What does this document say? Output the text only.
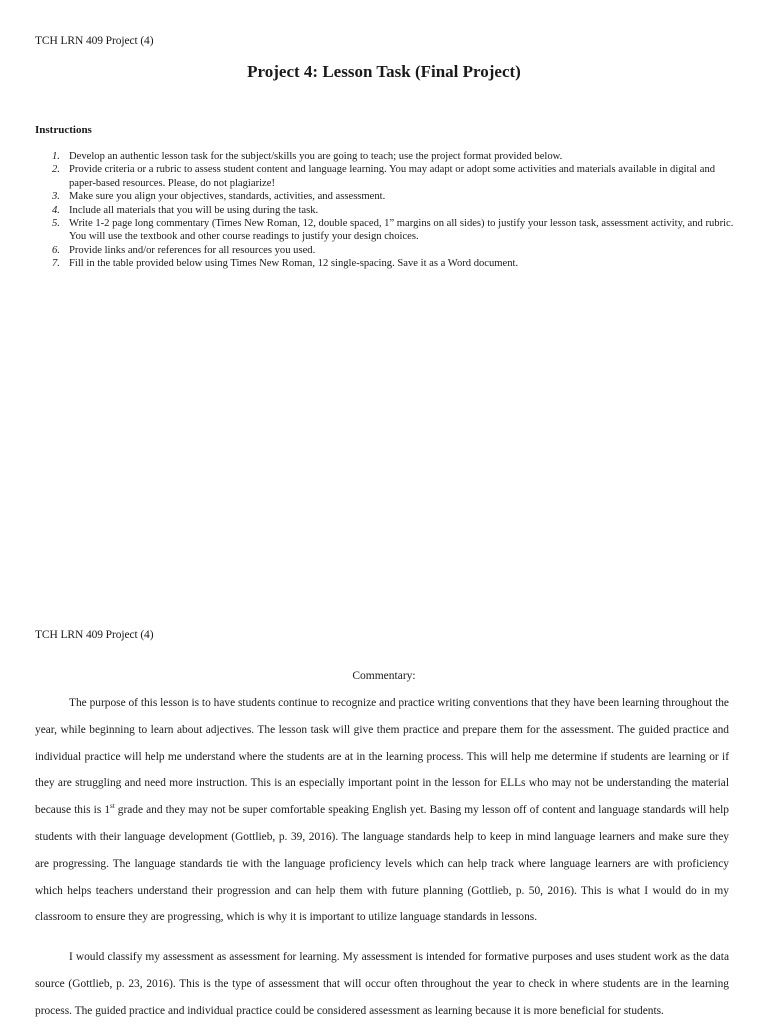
TCH LRN 409 Project (4)
Project 4: Lesson Task (Final Project)
Instructions
1. Develop an authentic lesson task for the subject/skills you are going to teach; use the project format provided below.
2. Provide criteria or a rubric to assess student content and language learning. You may adapt or adopt some activities and materials available in digital and paper-based resources. Please, do not plagiarize!
3. Make sure you align your objectives, standards, activities, and assessment.
4. Include all materials that you will be using during the task.
5. Write 1-2 page long commentary (Times New Roman, 12, double spaced, 1” margins on all sides) to justify your lesson task, assessment activity, and rubric. You will use the textbook and other course readings to justify your design choices.
6. Provide links and/or references for all resources you used.
7. Fill in the table provided below using Times New Roman, 12 single-spacing. Save it as a Word document.
TCH LRN 409 Project (4)
Commentary:

The purpose of this lesson is to have students continue to recognize and practice writing conventions that they have been learning throughout the year, while beginning to learn about adjectives. The lesson task will give them practice and prepare them for the assessment. The guided practice and individual practice will help me understand where the students are at in the learning process. This will help me determine if students are learning or if they are struggling and need more instruction. This is an especially important point in the lesson for ELLs who may not be understanding the material because this is 1st grade and they may not be super comfortable speaking English yet. Basing my lesson off of content and language standards will help students with their language development (Gottlieb, p. 39, 2016). The language standards help to keep in mind language learners and make sure they are progressing. The language standards tie with the language proficiency levels which can help track where language learners are with proficiency which helps teachers understand their progression and can help them with future planning (Gottlieb, p. 50, 2016). This is what I would do in my classroom to ensure they are progressing, which is why it is important to utilize language standards in lessons.

I would classify my assessment as assessment for learning. My assessment is intended for formative purposes and uses student work as the data source (Gottlieb, p. 23, 2016). This is the type of assessment that will occur often throughout the year to check in where students are in the learning process. The guided practice and individual practice could be considered assessment as learning because it is more beneficial for students.
